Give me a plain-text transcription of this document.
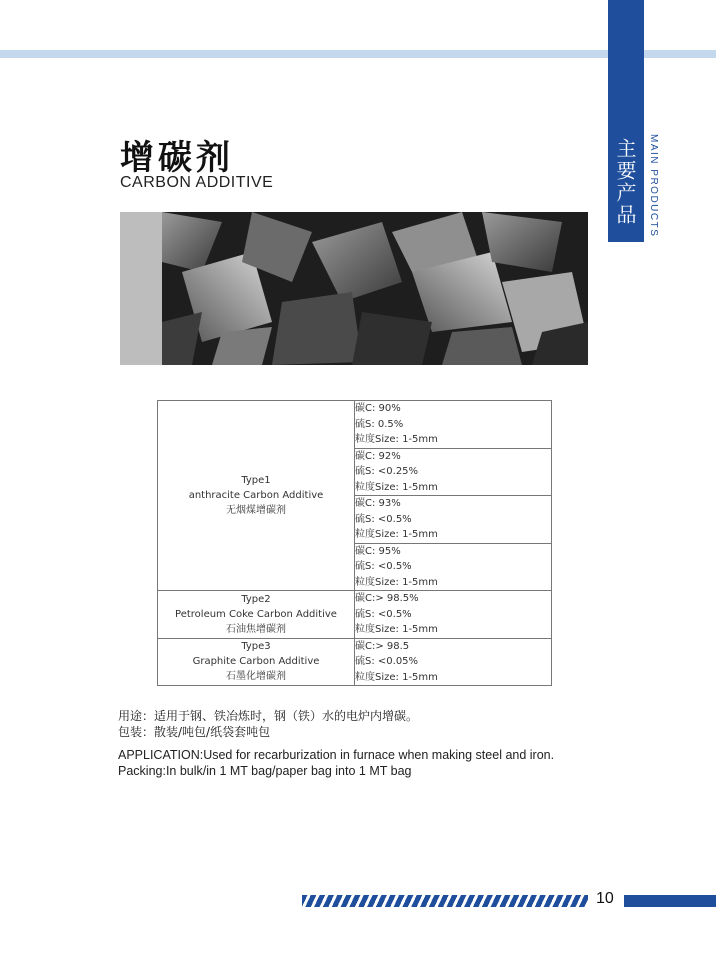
主要产品	MAIN PRODUCTS
增碳剂
CARBON ADDITIVE
Type1
anthracite Carbon Additive
无烟煤增碳剂	碳C: 90%
硫S: 0.5%
粒度Size: 1-5mm

	碳C: 92%
硫S: <0.25%
粒度Size: 1-5mm

	碳C: 93%
硫S: <0.5%
粒度Size: 1-5mm

	碳C: 95%
硫S: <0.5%
粒度Size: 1-5mm

Type2
Petroleum Coke Carbon Additive
石油焦增碳剂	碳C:> 98.5%
硫S: <0.5%
粒度Size: 1-5mm

Type3
Graphite Carbon Additive
石墨化增碳剂	碳C:> 98.5
硫S: <0.05%
粒度Size: 1-5mm
用途：适用于钢、铁冶炼时，钢（铁）水的电炉内增碳。
包装：散装/吨包/纸袋套吨包
APPLICATION:Used for recarburization in furnace when making steel and iron.
Packing:In bulk/in 1 MT bag/paper bag into 1 MT bag
10
